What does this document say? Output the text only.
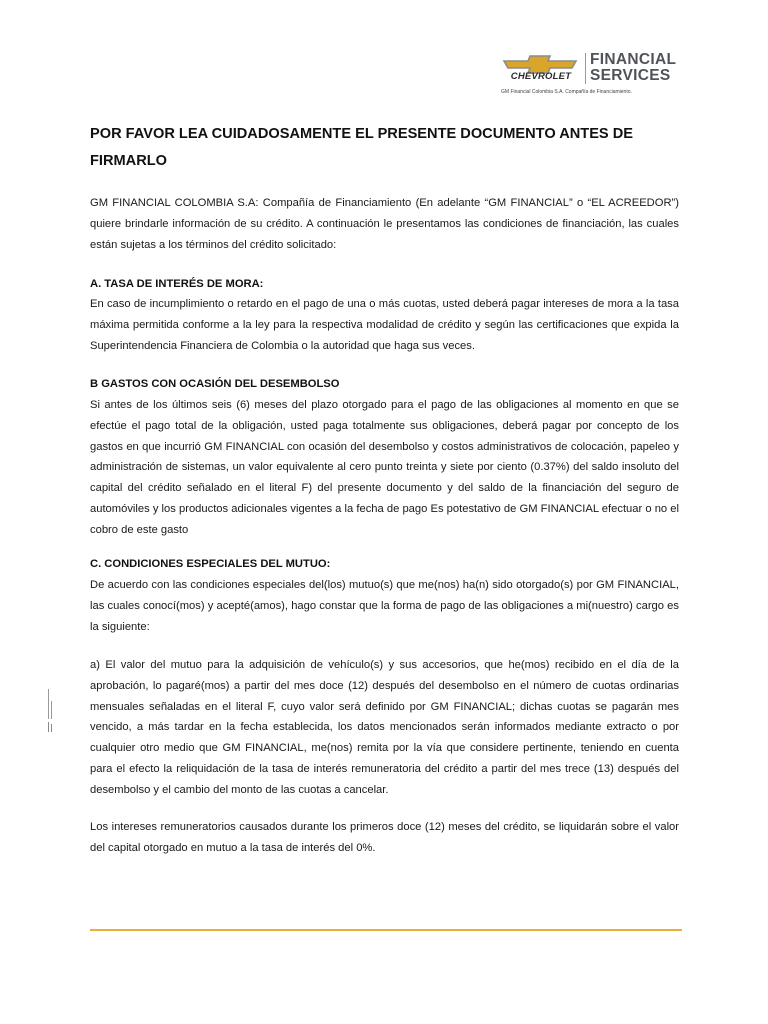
CHEVROLET
FINANCIAL
SERVICES
GM Financial Colombia S.A. Compañía de Financiamiento.
POR FAVOR LEA CUIDADOSAMENTE EL PRESENTE DOCUMENTO ANTES DE FIRMARLO

GM FINANCIAL COLOMBIA S.A: Compañía de Financiamiento (En adelante “GM FINANCIAL” o “EL ACREEDOR”) quiere brindarle información de su crédito. A continuación le presentamos las condiciones de financiación, las cuales están sujetas a los términos del crédito solicitado:

A. TASA DE INTERÉS DE MORA:

En caso de incumplimiento o retardo en el pago de una o más cuotas, usted deberá pagar intereses de mora a la tasa máxima permitida conforme a la ley para la respectiva modalidad de crédito y según las certificaciones que expida la Superintendencia Financiera de Colombia o la autoridad que haga sus veces.

B GASTOS CON OCASIÓN DEL DESEMBOLSO

Si antes de los últimos seis (6) meses del plazo otorgado para el pago de las obligaciones al momento en que se efectúe el pago total de la obligación, usted paga totalmente sus obligaciones, deberá pagar por concepto de los gastos en que incurrió GM FINANCIAL con ocasión del desembolso y costos administrativos de colocación, papeleo y administración de sistemas, un valor equivalente al cero punto treinta y siete por ciento (0.37%) del saldo insoluto del capital del crédito señalado en el literal F) del presente documento y del saldo de la financiación del seguro de automóviles y los productos adicionales vigentes a la fecha de pago Es potestativo de GM FINANCIAL efectuar o no el cobro de este gasto

C. CONDICIONES ESPECIALES DEL MUTUO:

De acuerdo con las condiciones especiales del(los) mutuo(s) que me(nos) ha(n) sido otorgado(s) por GM FINANCIAL, las cuales conocí(mos) y acepté(amos), hago constar que la forma de pago de las obligaciones a mi(nuestro) cargo es la siguiente:

a) El valor del mutuo para la adquisición de vehículo(s) y sus accesorios, que he(mos) recibido en el día de la aprobación, lo pagaré(mos) a partir del mes doce (12) después del desembolso en el número de cuotas ordinarias mensuales señaladas en el literal F, cuyo valor será definido por GM FINANCIAL; dichas cuotas se pagarán mes vencido, a más tardar en la fecha establecida, los datos mencionados serán informados mediante extracto o por cualquier otro medio que GM FINANCIAL, me(nos) remita por la vía que considere pertinente, teniendo en cuenta para el efecto la reliquidación de la tasa de interés remuneratoria del crédito a partir del mes trece (13) después del desembolso y el cambio del monto de las cuotas a cancelar.

Los intereses remuneratorios causados durante los primeros doce (12) meses del crédito, se liquidarán sobre el valor del capital otorgado en mutuo a la tasa de interés del 0%.
